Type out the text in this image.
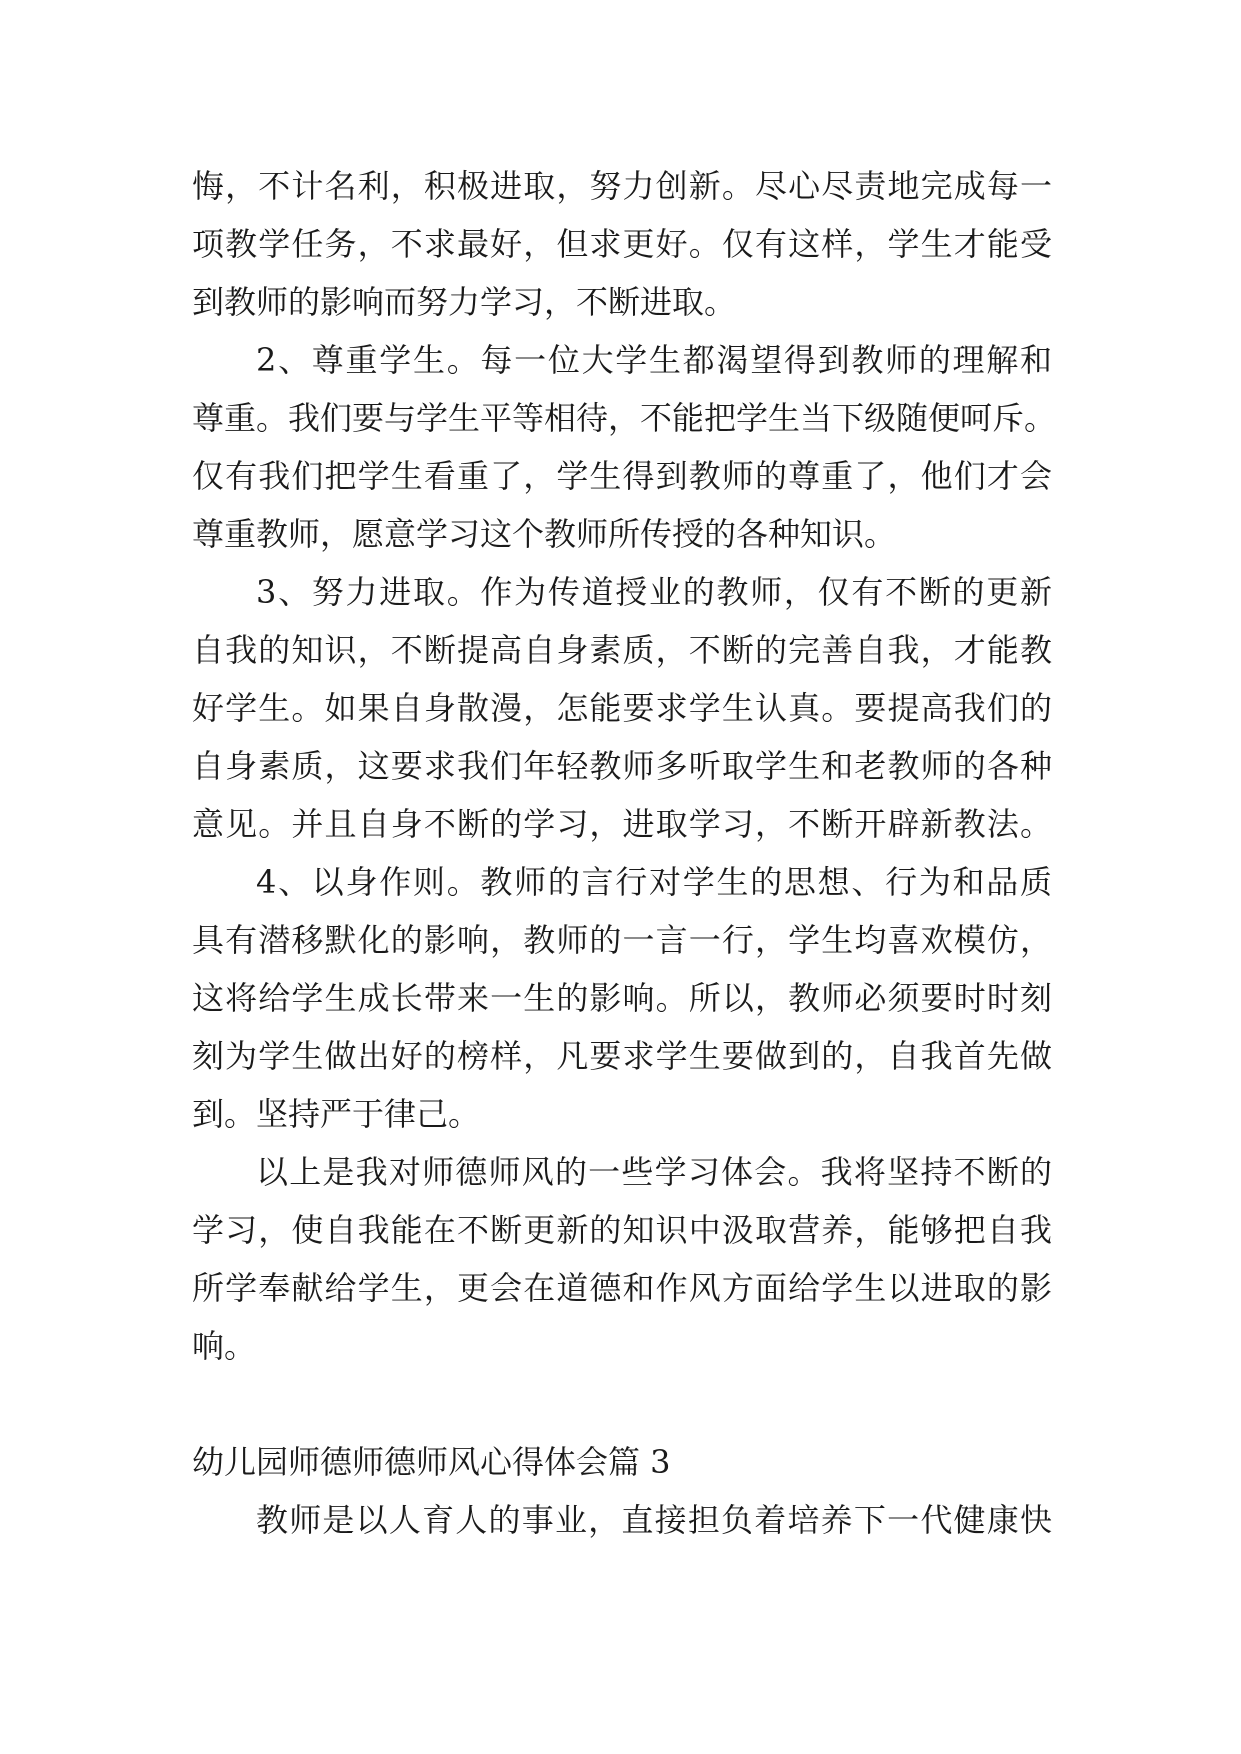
悔，不计名利，积极进取，努力创新。尽心尽责地完成每一
项教学任务，不求最好，但求更好。仅有这样，学生才能受
到教师的影响而努力学习，不断进取。
2、尊重学生。每一位大学生都渴望得到教师的理解和
尊重。我们要与学生平等相待，不能把学生当下级随便呵斥。
仅有我们把学生看重了，学生得到教师的尊重了，他们才会
尊重教师，愿意学习这个教师所传授的各种知识。
3、努力进取。作为传道授业的教师，仅有不断的更新
自我的知识，不断提高自身素质，不断的完善自我，才能教
好学生。如果自身散漫，怎能要求学生认真。要提高我们的
自身素质，这要求我们年轻教师多听取学生和老教师的各种
意见。并且自身不断的学习，进取学习，不断开辟新教法。
4、以身作则。教师的言行对学生的思想、行为和品质
具有潜移默化的影响，教师的一言一行，学生均喜欢模仿，
这将给学生成长带来一生的影响。所以，教师必须要时时刻
刻为学生做出好的榜样，凡要求学生要做到的，自我首先做
到。坚持严于律己。
以上是我对师德师风的一些学习体会。我将坚持不断的
学习，使自我能在不断更新的知识中汲取营养，能够把自我
所学奉献给学生，更会在道德和作风方面给学生以进取的影
响。
幼儿园师德师德师风心得体会篇 3
教师是以人育人的事业，直接担负着培养下一代健康快
